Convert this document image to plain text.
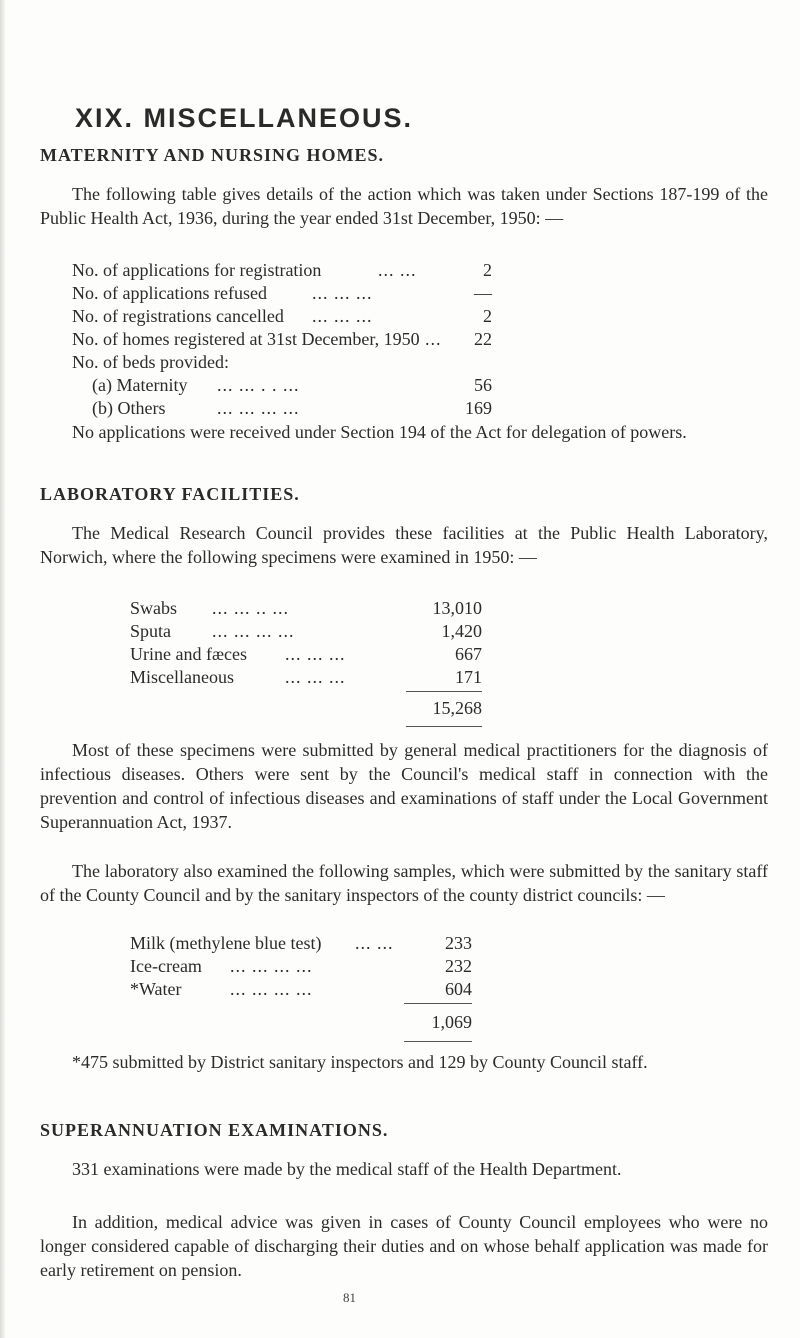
XIX. MISCELLANEOUS.
MATERNITY AND NURSING HOMES.

The following table gives details of the action which was taken under Sections 187-199 of the Public Health Act, 1936, during the year ended 31st December, 1950: —

No. of applications for registration	... ...	2
No. of applications refused	... ... ...	—
No. of registrations cancelled ... ... ...	2
No. of homes registered at 31st December, 1950 ... 22
No. of beds provided:
(a) Maternity ... ... . . ...	56
(b) Others	... ... ... ...	169

No applications were received under Section 194 of the Act for delegation of powers.

LABORATORY FACILITIES.

The Medical Research Council provides these facilities at the Public Health Laboratory, Norwich, where the following specimens were examined in 1950: —

Swabs ... ... .. ...	13,010
Sputa ... ... ... ...	1,420
Urine and fæces ... ... ...	667
Miscellaneous	... ... ...	171
15,268

Most of these specimens were submitted by general medical practitioners for the diagnosis of infectious diseases. Others were sent by the Council's medical staff in connection with the prevention and control of infectious diseases and examinations of staff under the Local Government Superannuation Act, 1937.

The laboratory also examined the following samples, which were submitted by the sanitary staff of the County Council and by the sanitary inspectors of the county district councils: —

Milk (methylene blue test) ... ...	233
Ice-cream ... ... ... ...	232
*Water	... ... ... ...	604
1,069

*475 submitted by District sanitary inspectors and 129 by County Council staff.

SUPERANNUATION EXAMINATIONS.

331 examinations were made by the medical staff of the Health Department.

In addition, medical advice was given in cases of County Council employees who were no longer considered capable of discharging their duties and on whose behalf application was made for early retirement on pension.

81
